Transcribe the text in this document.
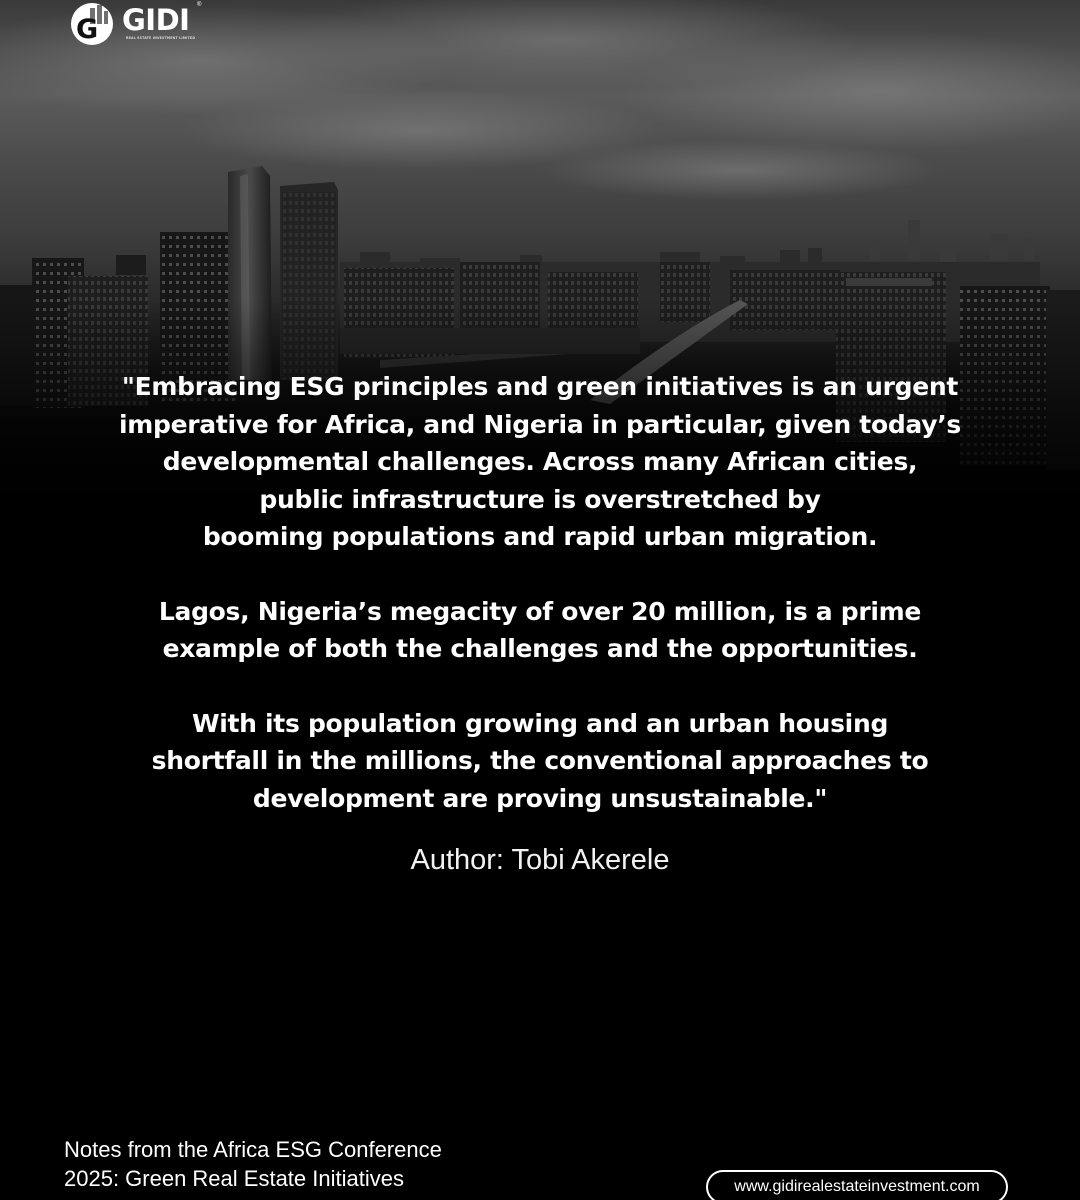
G GIDI ®
REAL ESTATE INVESTMENT LIMITED
"Embracing ESG principles and green initiatives is an urgent
imperative for Africa, and Nigeria in particular, given today’s
developmental challenges. Across many African cities,
public infrastructure is overstretched by
booming populations and rapid urban migration.
Lagos, Nigeria’s megacity of over 20 million, is a prime
example of both the challenges and the opportunities.
With its population growing and an urban housing
shortfall in the millions, the conventional approaches to
development are proving unsustainable."
Author: Tobi Akerele
Notes from the Africa ESG Conference
2025: Green Real Estate Initiatives	www.gidirealestateinvestment.com
